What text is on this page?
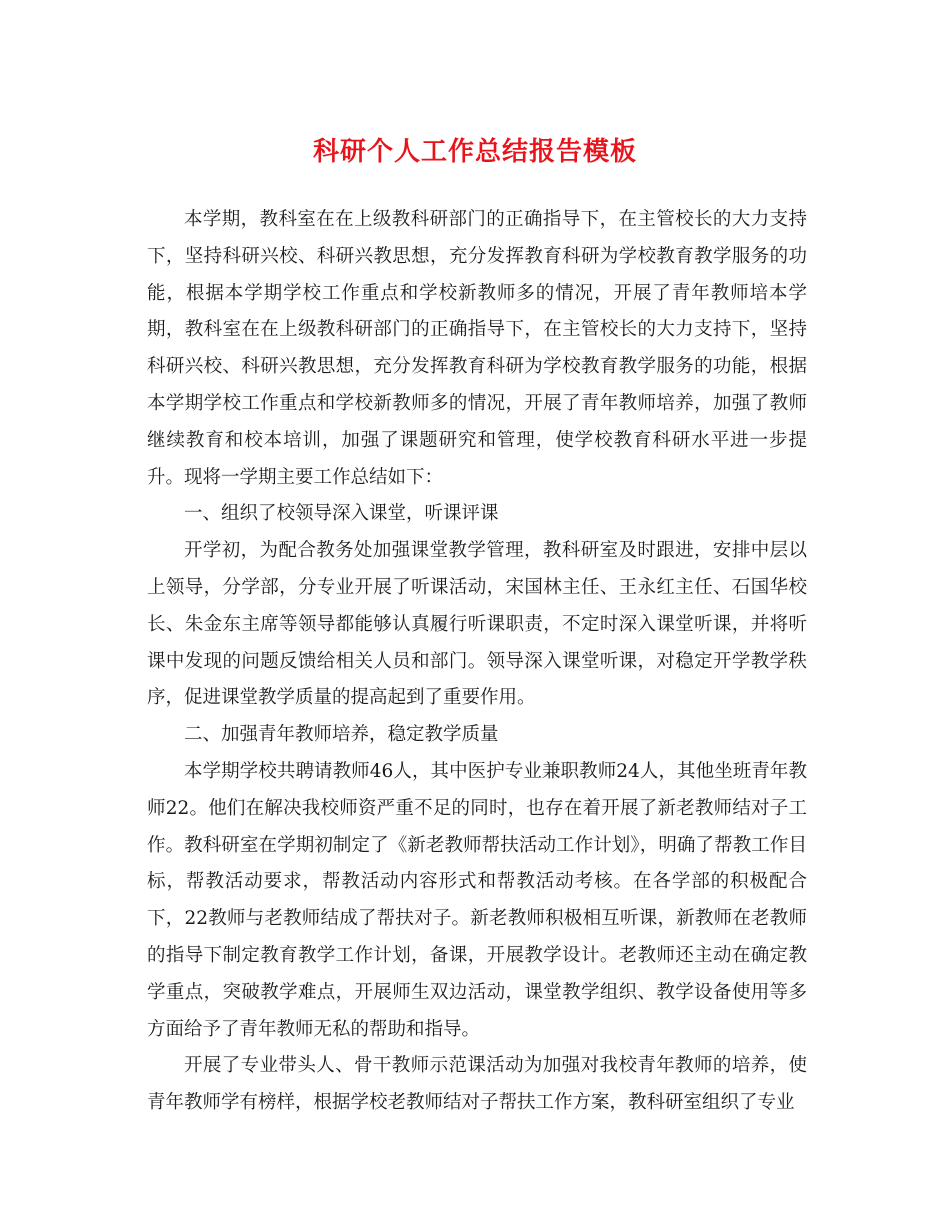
科研个人工作总结报告模板

本学期，教科室在在上级教科研部门的正确指导下，在主管校长的大力支持下，坚持科研兴校、科研兴教思想，充分发挥教育科研为学校教育教学服务的功能，根据本学期学校工作重点和学校新教师多的情况，开展了青年教师培本学期，教科室在在上级教科研部门的正确指导下，在主管校长的大力支持下，坚持科研兴校、科研兴教思想，充分发挥教育科研为学校教育教学服务的功能，根据本学期学校工作重点和学校新教师多的情况，开展了青年教师培养，加强了教师继续教育和校本培训，加强了课题研究和管理，使学校教育科研水平进一步提升。现将一学期主要工作总结如下：

一、组织了校领导深入课堂，听课评课

开学初，为配合教务处加强课堂教学管理，教科研室及时跟进，安排中层以上领导，分学部，分专业开展了听课活动，宋国林主任、王永红主任、石国华校长、朱金东主席等领导都能够认真履行听课职责，不定时深入课堂听课，并将听课中发现的问题反馈给相关人员和部门。领导深入课堂听课，对稳定开学教学秩序，促进课堂教学质量的提高起到了重要作用。

二、加强青年教师培养，稳定教学质量

本学期学校共聘请教师46人，其中医护专业兼职教师24人，其他坐班青年教师22。他们在解决我校师资严重不足的同时，也存在着开展了新老教师结对子工作。教科研室在学期初制定了《新老教师帮扶活动工作计划》，明确了帮教工作目标，帮教活动要求，帮教活动内容形式和帮教活动考核。在各学部的积极配合下，22教师与老教师结成了帮扶对子。新老教师积极相互听课，新教师在老教师的指导下制定教育教学工作计划，备课，开展教学设计。老教师还主动在确定教学重点，突破教学难点，开展师生双边活动，课堂教学组织、教学设备使用等多方面给予了青年教师无私的帮助和指导。

开展了专业带头人、骨干教师示范课活动为加强对我校青年教师的培养，使青年教师学有榜样，根据学校老教师结对子帮扶工作方案，教科研室组织了专业
